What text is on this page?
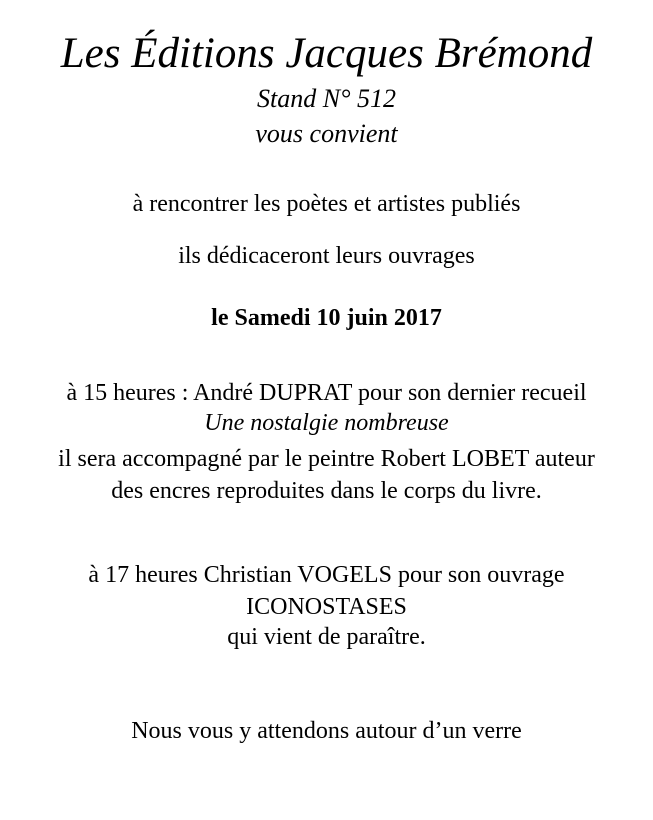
Les Éditions Jacques Brémond
Stand N° 512
vous convient
à rencontrer les poètes et artistes publiés
ils dédicaceront leurs ouvrages
le Samedi 10 juin 2017
à 15 heures : André DUPRAT pour son dernier recueil
Une nostalgie nombreuse
il sera accompagné par le peintre Robert LOBET auteur
des encres reproduites dans le corps du livre.
à 17 heures Christian VOGELS pour son ouvrage
ICONOSTASES
qui vient de paraître.
Nous vous y attendons autour d’un verre
